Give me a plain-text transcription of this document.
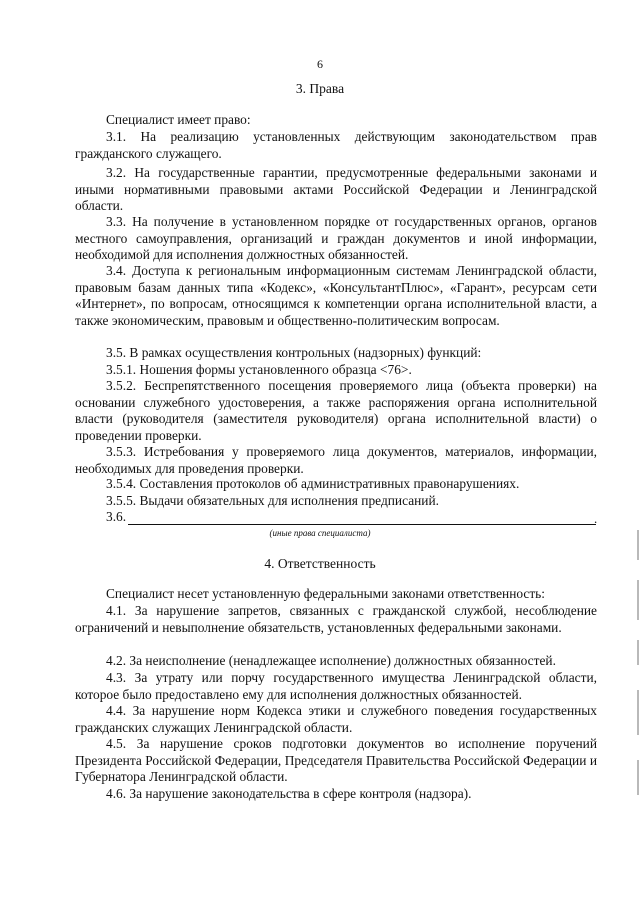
6
3. Права
Специалист имеет право:
3.1. На реализацию установленных действующим законодательством прав гражданского служащего.
3.2. На государственные гарантии, предусмотренные федеральными законами и иными нормативными правовыми актами Российской Федерации и Ленинградской области.
3.3. На получение в установленном порядке от государственных органов, органов местного самоуправления, организаций и граждан документов и иной информации, необходимой для исполнения должностных обязанностей.
3.4. Доступа к региональным информационным системам Ленинградской области, правовым базам данных типа «Кодекс», «КонсультантПлюс», «Гарант», ресурсам сети «Интернет», по вопросам, относящимся к компетенции органа исполнительной власти, а также экономическим, правовым и общественно-политическим вопросам.
3.5. В рамках осуществления контрольных (надзорных) функций:
3.5.1. Ношения формы установленного образца <76>.
3.5.2. Беспрепятственного посещения проверяемого лица (объекта проверки) на основании служебного удостоверения, а также распоряжения органа исполнительной власти (руководителя (заместителя руководителя) органа исполнительной власти) о проведении проверки.
3.5.3. Истребования у проверяемого лица документов, материалов, информации, необходимых для проведения проверки.
3.5.4. Составления протоколов об административных правонарушениях.
3.5.5. Выдачи обязательных для исполнения предписаний.
3.6.	.
(иные права специалиста)
4. Ответственность
Специалист несет установленную федеральными законами ответственность:
4.1. За нарушение запретов, связанных с гражданской службой, несоблюдение ограничений и невыполнение обязательств, установленных федеральными законами.
4.2. За неисполнение (ненадлежащее исполнение) должностных обязанностей.
4.3. За утрату или порчу государственного имущества Ленинградской области, которое было предоставлено ему для исполнения должностных обязанностей.
4.4. За нарушение норм Кодекса этики и служебного поведения государственных гражданских служащих Ленинградской области.
4.5. За нарушение сроков подготовки документов во исполнение поручений Президента Российской Федерации, Председателя Правительства Российской Федерации и Губернатора Ленинградской области.
4.6. За нарушение законодательства в сфере контроля (надзора).
